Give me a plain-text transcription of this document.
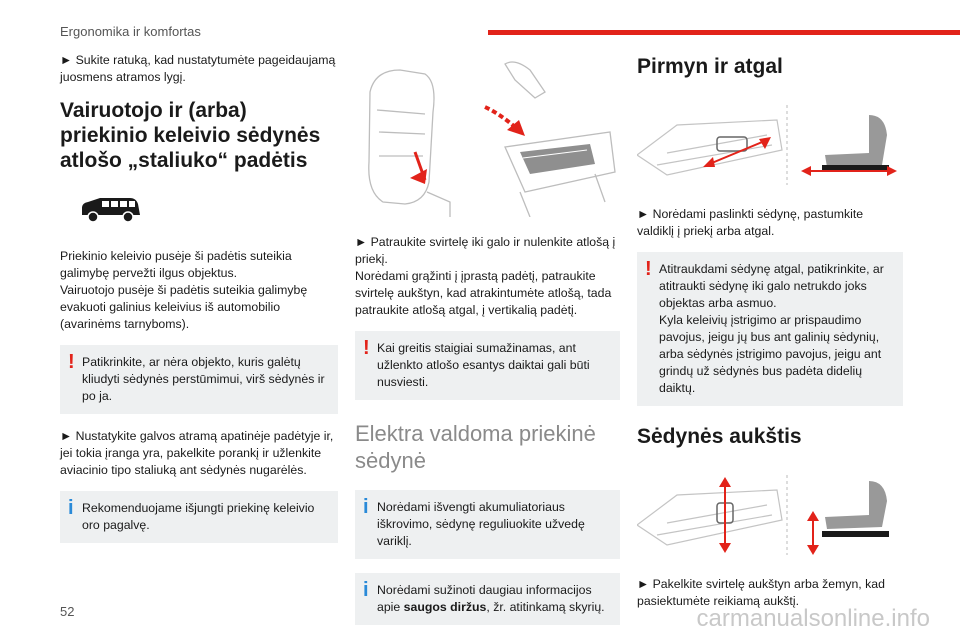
Ergonomika ir komfortas

► Sukite ratuką, kad nustatytumėte pageidaujamą juosmens atramos lygį.

Vairuotojo ir (arba) priekinio keleivio sėdynės atlošo „staliuko“ padėtis

Priekinio keleivio pusėje ši padėtis suteikia galimybę pervežti ilgus objektus.

Vairuotojo pusėje ši padėtis suteikia galimybę evakuoti galinius keleivius iš automobilio (avarinėms tarnyboms).

! Patikrinkite, ar nėra objekto, kuris galėtų kliudyti sėdynės perstūmimui, virš sėdynės ir po ja.

► Nustatykite galvos atramą apatinėje padėtyje ir, jei tokia įranga yra, pakelkite porankį ir užlenkite aviacinio tipo staliuką ant sėdynės nugarėlės.

i Rekomenduojame išjungti priekinę keleivio oro pagalvę.

► Patraukite svirtelę iki galo ir nulenkite atlošą į priekį.

Norėdami grąžinti į įprastą padėtį, patraukite svirtelę aukštyn, kad atrakintumėte atlošą, tada patraukite atlošą atgal, į vertikalią padėtį.

! Kai greitis staigiai sumažinamas, ant užlenkto atlošo esantys daiktai gali būti nusviesti.
Elektra valdoma priekinė sėdynė
i Norėdami išvengti akumuliatoriaus iškrovimo, sėdynę reguliuokite užvedę variklį.
i Norėdami sužinoti daugiau informacijos apie saugos diržus, žr. atitinkamą skyrių.
Pirmyn ir atgal

► Norėdami paslinkti sėdynę, pastumkite valdiklį į priekį arba atgal.

! Atitraukdami sėdynę atgal, patikrinkite, ar atitraukti sėdynę iki galo netrukdo joks objektas arba asmuo.
Kyla keleivių įstrigimo ar prispaudimo pavojus, jeigu jų bus ant galinių sėdynių, arba sėdynės įstrigimo pavojus, jeigu ant grindų už sėdynės bus padėta didelių daiktų.
Sėdynės aukštis

► Pakelkite svirtelę aukštyn arba žemyn, kad pasiektumėte reikiamą aukštį.

52	carmanualsonline.info
